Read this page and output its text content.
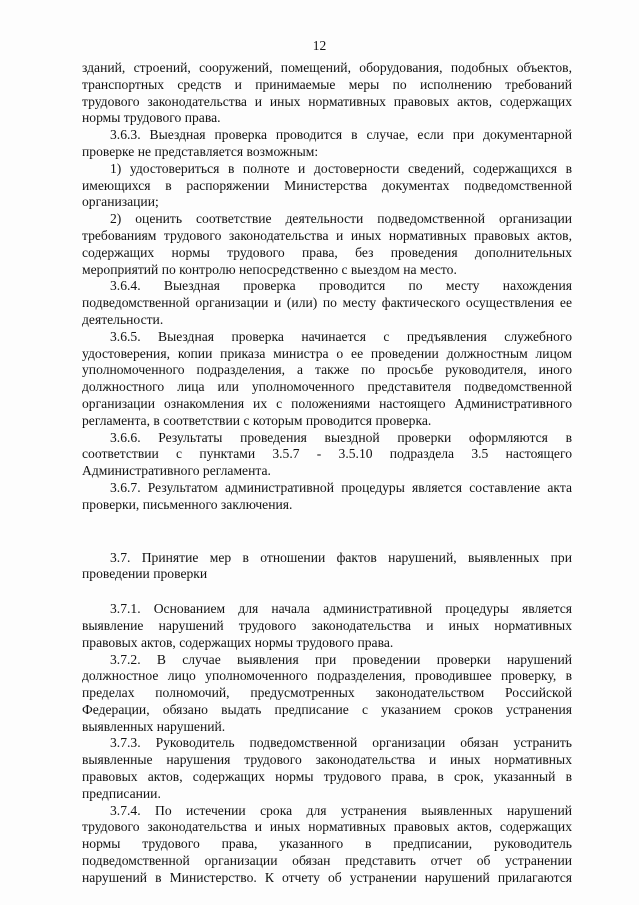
12
зданий, строений, сооружений, помещений, оборудования, подобных объектов,
транспортных средств и принимаемые меры по исполнению требований
трудового законодательства и иных нормативных правовых актов, содержащих
нормы трудового права.
3.6.3. Выездная проверка проводится в случае, если при документарной
проверке не представляется возможным:
1) удостовериться в полноте и достоверности сведений, содержащихся в
имеющихся в распоряжении Министерства документах подведомственной
организации;
2) оценить соответствие деятельности подведомственной организации
требованиям трудового законодательства и иных нормативных правовых актов,
содержащих нормы трудового права, без проведения дополнительных
мероприятий по контролю непосредственно с выездом на место.
3.6.4. Выездная проверка проводится по месту нахождения
подведомственной организации и (или) по месту фактического осуществления ее
деятельности.
3.6.5. Выездная проверка начинается с предъявления служебного
удостоверения, копии приказа министра о ее проведении должностным лицом
уполномоченного подразделения, а также по просьбе руководителя, иного
должностного лица или уполномоченного представителя подведомственной
организации ознакомления их с положениями настоящего Административного
регламента, в соответствии с которым проводится проверка.
3.6.6. Результаты проведения выездной проверки оформляются в
соответствии с пунктами 3.5.7 - 3.5.10 подраздела 3.5 настоящего
Административного регламента.
3.6.7. Результатом административной процедуры является составление акта
проверки, письменного заключения.
3.7. Принятие мер в отношении фактов нарушений, выявленных при
проведении проверки
3.7.1. Основанием для начала административной процедуры является
выявление нарушений трудового законодательства и иных нормативных
правовых актов, содержащих нормы трудового права.
3.7.2. В случае выявления при проведении проверки нарушений
должностное лицо уполномоченного подразделения, проводившее проверку, в
пределах полномочий, предусмотренных законодательством Российской
Федерации, обязано выдать предписание с указанием сроков устранения
выявленных нарушений.
3.7.3. Руководитель подведомственной организации обязан устранить
выявленные нарушения трудового законодательства и иных нормативных
правовых актов, содержащих нормы трудового права, в срок, указанный в
предписании.
3.7.4. По истечении срока для устранения выявленных нарушений
трудового законодательства и иных нормативных правовых актов, содержащих
нормы трудового права, указанного в предписании, руководитель
подведомственной организации обязан представить отчет об устранении
нарушений в Министерство. К отчету об устранении нарушений прилагаются
